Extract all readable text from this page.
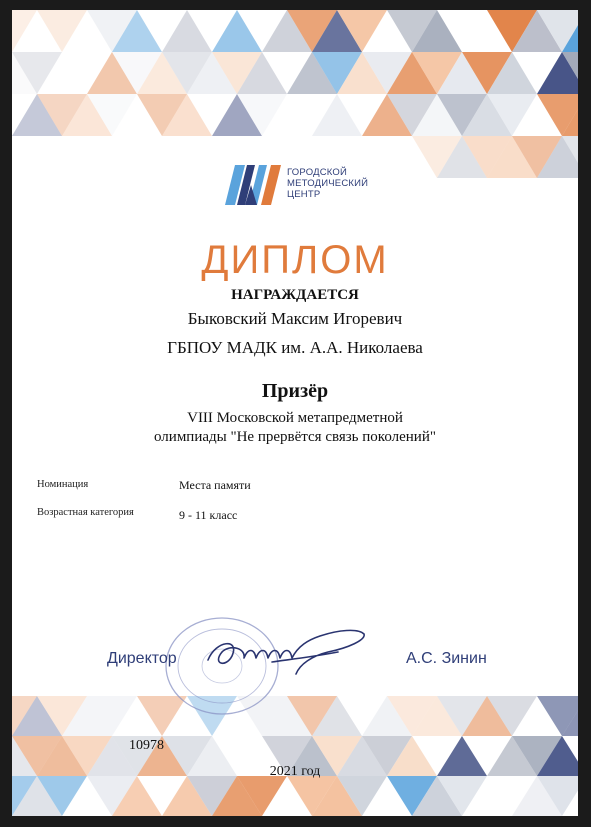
ГОРОДСКОЙ
МЕТОДИЧЕСКИЙ
ЦЕНТР
ДИПЛОМ
НАГРАЖДАЕТСЯ
Быковский Максим Игоревич
ГБПОУ МАДК им. А.А. Николаева
Призёр
VIII Московской метапредметной
олимпиады "Не прервётся связь поколений"
Номинация	Места памяти
Возрастная категория	9 - 11 класс
Директор	А.С. Зинин
10978
2021 год
